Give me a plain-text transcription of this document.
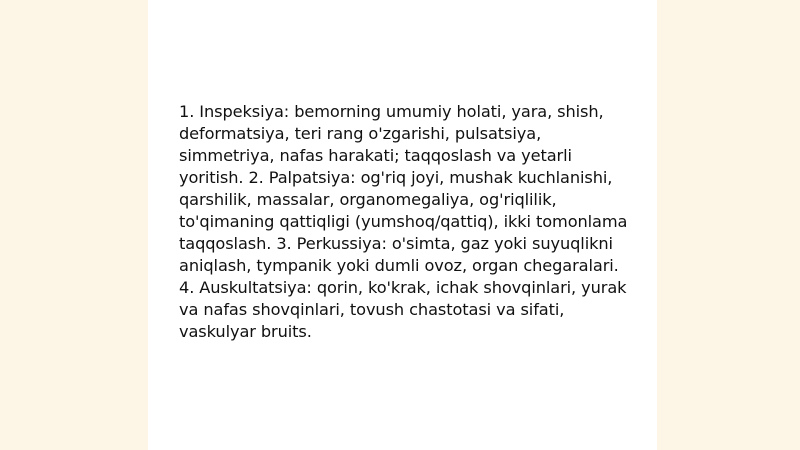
1. Inspeksiya: bemorning umumiy holati, yara, shish, deformatsiya, teri rang o'zgarishi, pulsatsiya, simmetriya, nafas harakati; taqqoslash va yetarli yoritish. 2. Palpatsiya: og'riq joyi, mushak kuchlanishi, qarshilik, massalar, organomegaliya, og'riqlilik, to'qimaning qattiqligi (yumshoq/qattiq), ikki tomonlama taqqoslash. 3. Perkussiya: o'simta, gaz yoki suyuqlikni aniqlash, tympanik yoki dumli ovoz, organ chegaralari. 4. Auskultatsiya: qorin, ko'krak, ichak shovqinlari, yurak va nafas shovqinlari, tovush chastotasi va sifati, vaskulyar bruits.
